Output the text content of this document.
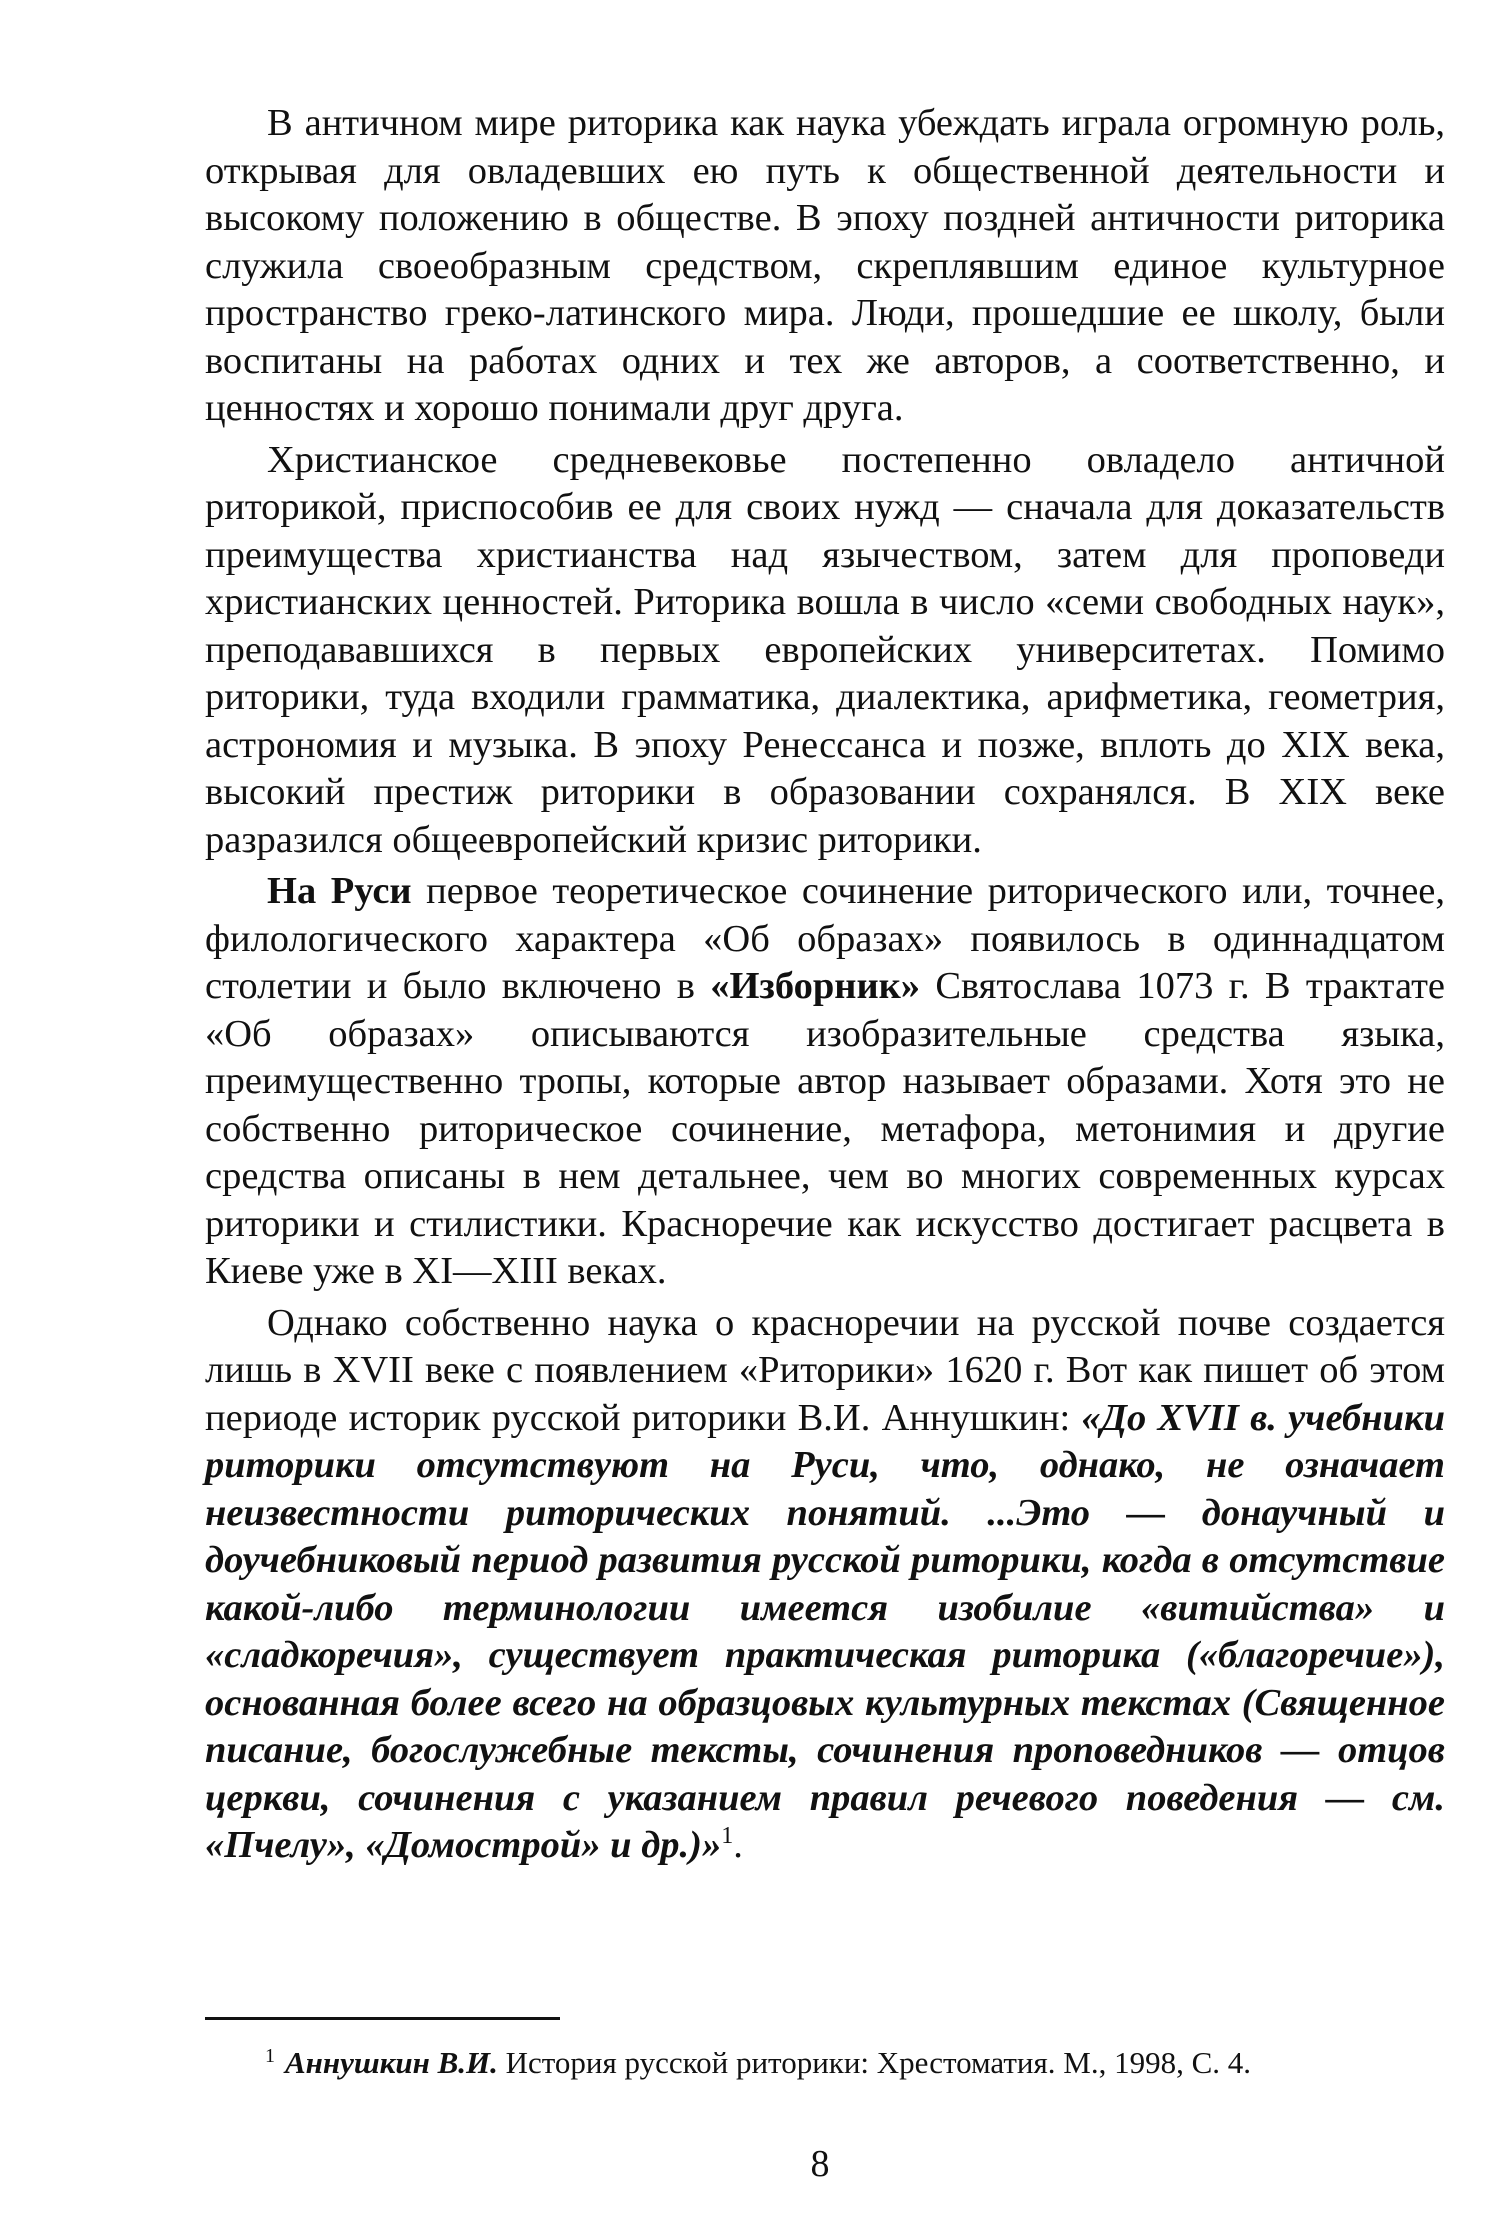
В античном мире риторика как наука убеждать играла огромную роль, открывая для овладевших ею путь к общественной деятельности и высокому положению в обществе. В эпоху поздней античности риторика служила своеобразным средством, скреплявшим единое культурное пространство греко-латинского мира. Люди, прошедшие ее школу, были воспитаны на работах одних и тех же авторов, а соответственно, и ценностях и хорошо понимали друг друга.

Христианское средневековье постепенно овладело античной риторикой, приспособив ее для своих нужд — сначала для доказательств преимущества христианства над язычеством, затем для проповеди христианских ценностей. Риторика вошла в число «семи свободных наук», преподававшихся в первых европейских университетах. Помимо риторики, туда входили грамматика, диалектика, арифметика, геометрия, астрономия и музыка. В эпоху Ренессанса и позже, вплоть до XIX века, высокий престиж риторики в образовании сохранялся. В XIX веке разразился общеевропейский кризис риторики.

На Руси первое теоретическое сочинение риторического или, точнее, филологического характера «Об образах» появилось в одиннадцатом столетии и было включено в «Изборник» Святослава 1073 г. В трактате «Об образах» описываются изобразительные средства языка, преимущественно тропы, которые автор называет образами. Хотя это не собственно риторическое сочинение, метафора, метонимия и другие средства описаны в нем детальнее, чем во многих современных курсах риторики и стилистики. Красноречие как искусство достигает расцвета в Киеве уже в XI—XIII веках.

Однако собственно наука о красноречии на русской почве создается лишь в XVII веке с появлением «Риторики» 1620 г. Вот как пишет об этом периоде историк русской риторики В.И. Аннушкин: «До XVII в. учебники риторики отсутствуют на Руси, что, однако, не означает неизвестности риторических понятий. ...Это — донаучный и доучебниковый период развития русской риторики, когда в отсутствие какой-либо терминологии имеется изобилие «витийства» и «сладкоречия», существует практическая риторика («благоречие»), основанная более всего на образцовых культурных текстах (Священное писание, богослужебные тексты, сочинения проповедников — отцов церкви, сочинения с указанием правил речевого поведения — см. «Пчелу», «Домострой» и др.)»$^1$.

$^1$ Аннушкин В.И. История русской риторики: Хрестоматия. М., 1998, С. 4.
8
